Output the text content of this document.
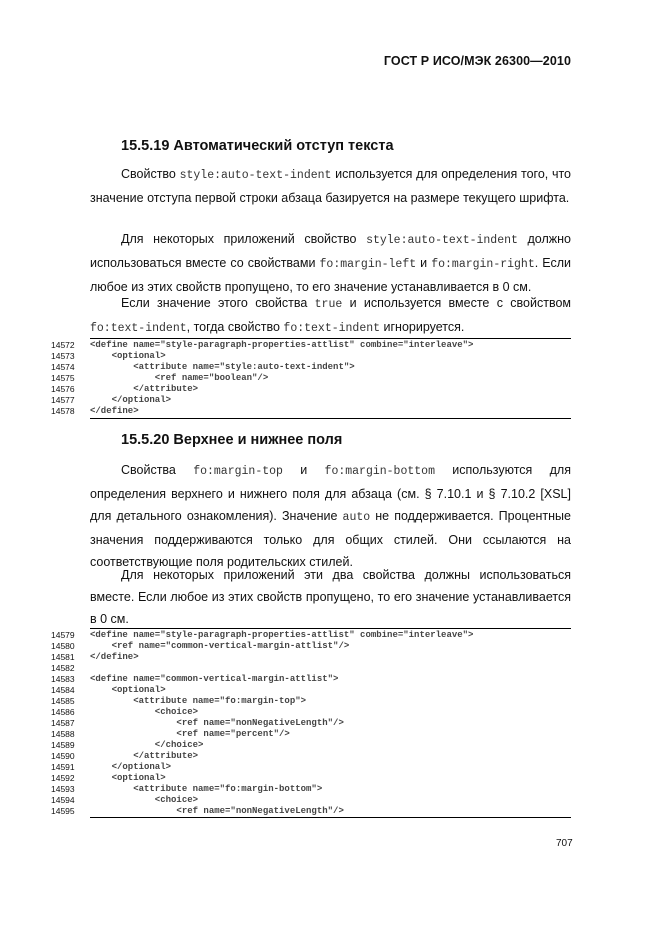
ГОСТ Р ИСО/МЭК 26300—2010
15.5.19 Автоматический отступ текста
Свойство style:auto-text-indent используется для определения того, что значение отступа первой строки абзаца базируется на размере текущего шрифта.
Для некоторых приложений свойство style:auto-text-indent должно использоваться вместе со свойствами fo:margin-left и fo:margin-right. Если любое из этих свойств пропущено, то его значение устанавливается в 0 см.
Если значение этого свойства true и используется вместе с свойством fo:text-indent, тогда свойство fo:text-indent игнорируется.
14572	<define name="style-paragraph-properties-attlist" combine="interleave">
14573	<optional>
14574	<attribute name="style:auto-text-indent">
14575	<ref name="boolean"/>
14576	</attribute>
14577	</optional>
14578	</define>
15.5.20 Верхнее и нижнее поля
Свойства fo:margin-top и fo:margin-bottom используются для определения верхнего и нижнего поля для абзаца (см. § 7.10.1 и § 7.10.2 [XSL] для детального ознакомления). Значение auto не поддерживается. Процентные значения поддерживаются только для общих стилей. Они ссылаются на соответствующие поля родительских стилей.
Для некоторых приложений эти два свойства должны использоваться вместе. Если любое из этих свойств пропущено, то его значение устанавливается в 0 см.
14579	<define name="style-paragraph-properties-attlist" combine="interleave">
14580	<ref name="common-vertical-margin-attlist"/>
14581	</define>
14582
14583	<define name="common-vertical-margin-attlist">
14584	<optional>
14585	<attribute name="fo:margin-top">
14586	<choice>
14587	<ref name="nonNegativeLength"/>
14588	<ref name="percent"/>
14589	</choice>
14590	</attribute>
14591	</optional>
14592	<optional>
14593	<attribute name="fo:margin-bottom">
14594	<choice>
14595	<ref name="nonNegativeLength"/>
707
